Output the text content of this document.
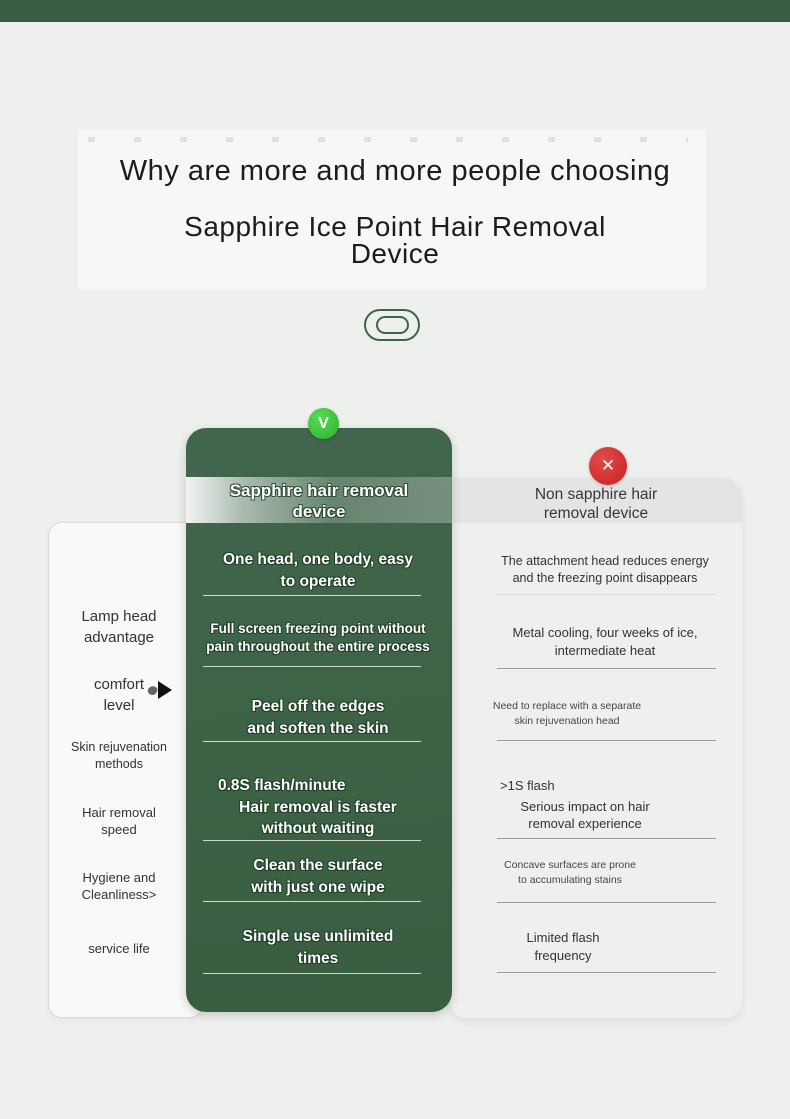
Why are more and more people choosing
Sapphire Ice Point Hair Removal
Device
Non sapphire hair
removal device
Sapphire hair removal
device
V
✕
Lamp head
advantage
comfort
level
Skin rejuvenation
methods
Hair removal
speed
Hygiene and
Cleanliness>
service life
One head, one body, easy
to operate
Full screen freezing point without
pain throughout the entire process
Peel off the edges
and soften the skin
0.8S flash/minute
Hair removal is faster
without waiting
Clean the surface
with just one wipe
Single use unlimited
times
The attachment head reduces energy
and the freezing point disappears
Metal cooling, four weeks of ice,
intermediate heat
Need to replace with a separate
skin rejuvenation head
>1S flash
Serious impact on hair
removal experience
Concave surfaces are prone
to accumulating stains
Limited flash
frequency
